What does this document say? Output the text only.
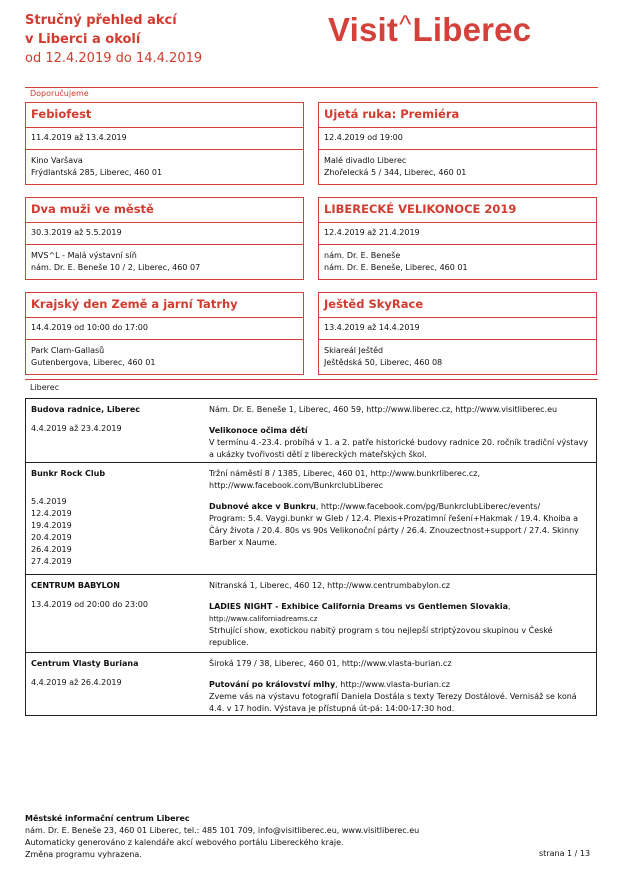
Stručný přehled akcí
v Liberci a okolí
od 12.4.2019 do 14.4.2019
Visit^Liberec
Doporučujeme
Febiofest
11.4.2019 až 13.4.2019
Kino Varšava
Frýdlantská 285, Liberec, 460 01
Ujetá ruka: Premiéra
12.4.2019 od 19:00
Malé divadlo Liberec
Zhořelecká 5 / 344, Liberec, 460 01
Dva muži ve městě
30.3.2019 až 5.5.2019
MVS^L - Malá výstavní síň
nám. Dr. E. Beneše 10 / 2, Liberec, 460 07
LIBERECKÉ VELIKONOCE 2019
12.4.2019 až 21.4.2019
nám. Dr. E. Beneše
nám. Dr. E. Beneše, Liberec, 460 01
Krajský den Země a jarní Tatrhy
14.4.2019 od 10:00 do 17:00
Park Clam-Gallasů
Gutenbergova, Liberec, 460 01
Ještěd SkyRace
13.4.2019 až 14.4.2019
Skiareál Ještěd
Ještědská 50, Liberec, 460 08
Liberec
Budova radnice, Liberec
4.4.2019 až 23.4.2019
Nám. Dr. E. Beneše 1, Liberec, 460 59, http://www.liberec.cz, http://www.visitliberec.eu
Velikonoce očima dětí
V termínu 4.-23.4. probíhá v 1. a 2. patře historické budovy radnice 20. ročník tradiční výstavy a ukázky tvořivosti dětí z libereckých mateřských škol.
Bunkr Rock Club
5.4.2019
12.4.2019
19.4.2019
20.4.2019
26.4.2019
27.4.2019
Tržní náměstí 8 / 1385, Liberec, 460 01, http://www.bunkrliberec.cz, http://www.facebook.com/BunkrclubLiberec
Dubnové akce v Bunkru, http://www.facebook.com/pg/BunkrclubLiberec/events/
Program: 5.4. Vaygi.bunkr w Gleb / 12.4. Plexis+Prozatimní řešení+Hakmak / 19.4. Khoiba a Čáry života / 20.4. 80s vs 90s Velikonoční párty / 26.4. Znouzectnost+support / 27.4. Skinny Barber x Naume.
CENTRUM BABYLON
13.4.2019 od 20:00 do 23:00
Nitranská 1, Liberec, 460 12, http://www.centrumbabylon.cz
LADIES NIGHT - Exhibice California Dreams vs Gentlemen Slovakia,
http://www.californiadreams.cz
Strhující show, exotickou nabitý program s tou nejlepší striptýzovou skupinou v České republice.
Centrum Vlasty Buriana
4.4.2019 až 26.4.2019
Široká 179 / 38, Liberec, 460 01, http://www.vlasta-burian.cz
Putování po království mlhy, http://www.vlasta-burian.cz
Zveme vás na výstavu fotografií Daniela Dostála s texty Terezy Dostálové. Vernisáž se koná 4.4. v 17 hodin. Výstava je přístupná út-pá: 14:00-17:30 hod.
Městské informační centrum Liberec
nám. Dr. E. Beneše 23, 460 01 Liberec, tel.: 485 101 709, info@visitliberec.eu, www.visitliberec.eu
Automaticky generováno z kalendáře akcí webového portálu Libereckého kraje.
Změna programu vyhrazena.	strana 1 / 13
